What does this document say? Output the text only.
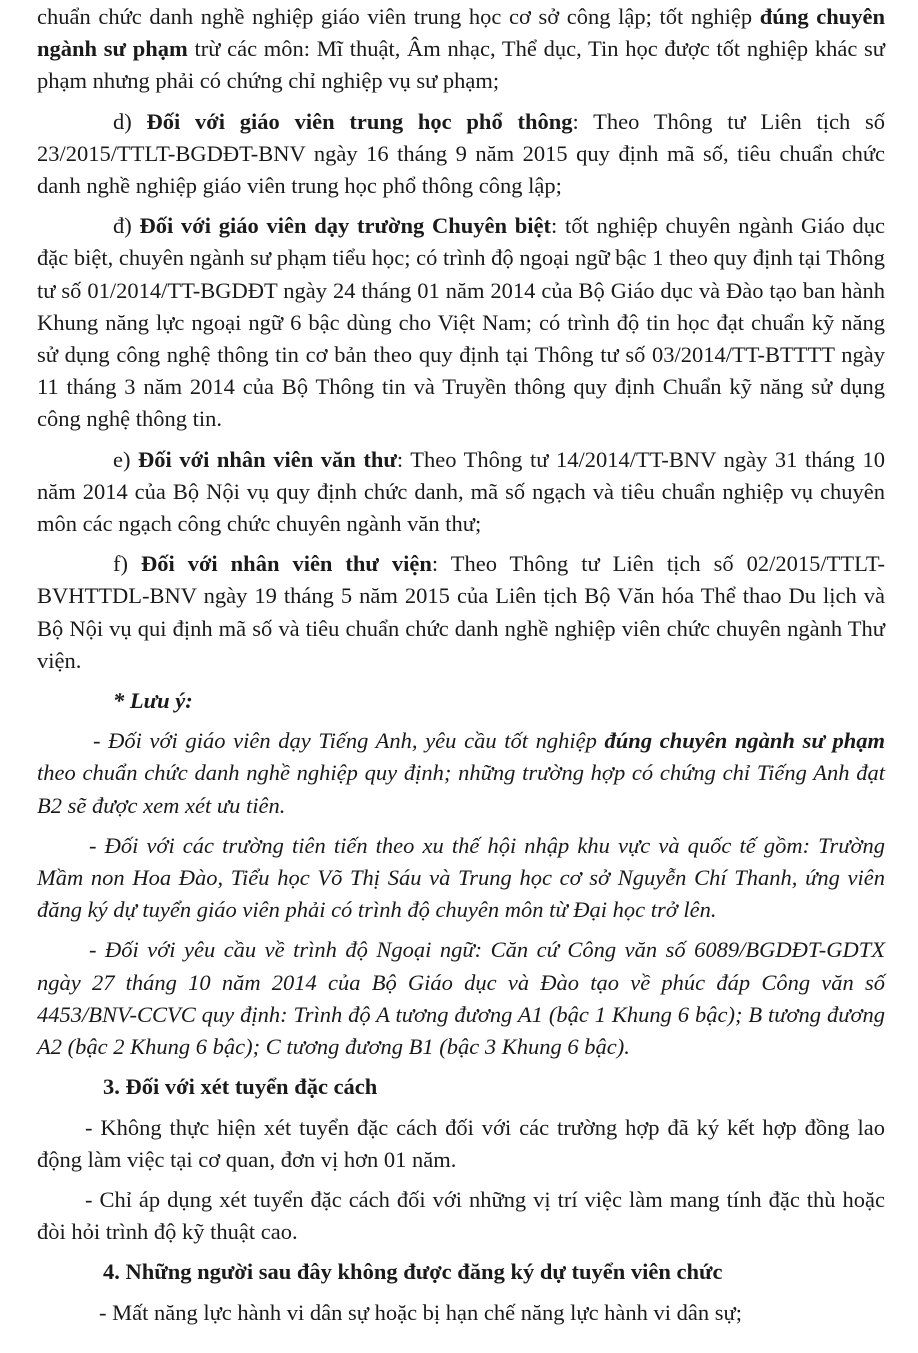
chuẩn chức danh nghề nghiệp giáo viên trung học cơ sở công lập; tốt nghiệp đúng chuyên ngành sư phạm trừ các môn: Mĩ thuật, Âm nhạc, Thể dục, Tin học được tốt nghiệp khác sư phạm nhưng phải có chứng chỉ nghiệp vụ sư phạm;

d) Đối với giáo viên trung học phổ thông: Theo Thông tư Liên tịch số 23/2015/TTLT-BGDĐT-BNV ngày 16 tháng 9 năm 2015 quy định mã số, tiêu chuẩn chức danh nghề nghiệp giáo viên trung học phổ thông công lập;

đ) Đối với giáo viên dạy trường Chuyên biệt: tốt nghiệp chuyên ngành Giáo dục đặc biệt, chuyên ngành sư phạm tiểu học; có trình độ ngoại ngữ bậc 1 theo quy định tại Thông tư số 01/2014/TT-BGDĐT ngày 24 tháng 01 năm 2014 của Bộ Giáo dục và Đào tạo ban hành Khung năng lực ngoại ngữ 6 bậc dùng cho Việt Nam; có trình độ tin học đạt chuẩn kỹ năng sử dụng công nghệ thông tin cơ bản theo quy định tại Thông tư số 03/2014/TT-BTTTT ngày 11 tháng 3 năm 2014 của Bộ Thông tin và Truyền thông quy định Chuẩn kỹ năng sử dụng công nghệ thông tin.

e) Đối với nhân viên văn thư: Theo Thông tư 14/2014/TT-BNV ngày 31 tháng 10 năm 2014 của Bộ Nội vụ quy định chức danh, mã số ngạch và tiêu chuẩn nghiệp vụ chuyên môn các ngạch công chức chuyên ngành văn thư;

f) Đối với nhân viên thư viện: Theo Thông tư Liên tịch số 02/2015/TTLT-BVHTTDL-BNV ngày 19 tháng 5 năm 2015 của Liên tịch Bộ Văn hóa Thể thao Du lịch và Bộ Nội vụ qui định mã số và tiêu chuẩn chức danh nghề nghiệp viên chức chuyên ngành Thư viện.

* Lưu ý:

- Đối với giáo viên dạy Tiếng Anh, yêu cầu tốt nghiệp đúng chuyên ngành sư phạm theo chuẩn chức danh nghề nghiệp quy định; những trường hợp có chứng chỉ Tiếng Anh đạt B2 sẽ được xem xét ưu tiên.

- Đối với các trường tiên tiến theo xu thế hội nhập khu vực và quốc tế gồm: Trường Mầm non Hoa Đào, Tiểu học Võ Thị Sáu và Trung học cơ sở Nguyễn Chí Thanh, ứng viên đăng ký dự tuyển giáo viên phải có trình độ chuyên môn từ Đại học trở lên.

- Đối với yêu cầu về trình độ Ngoại ngữ: Căn cứ Công văn số 6089/BGDĐT-GDTX ngày 27 tháng 10 năm 2014 của Bộ Giáo dục và Đào tạo về phúc đáp Công văn số 4453/BNV-CCVC quy định: Trình độ A tương đương A1 (bậc 1 Khung 6 bậc); B tương đương A2 (bậc 2 Khung 6 bậc); C tương đương B1 (bậc 3 Khung 6 bậc).

3. Đối với xét tuyển đặc cách

- Không thực hiện xét tuyển đặc cách đối với các trường hợp đã ký kết hợp đồng lao động làm việc tại cơ quan, đơn vị hơn 01 năm.

- Chỉ áp dụng xét tuyển đặc cách đối với những vị trí việc làm mang tính đặc thù hoặc đòi hỏi trình độ kỹ thuật cao.

4. Những người sau đây không được đăng ký dự tuyển viên chức

- Mất năng lực hành vi dân sự hoặc bị hạn chế năng lực hành vi dân sự;
